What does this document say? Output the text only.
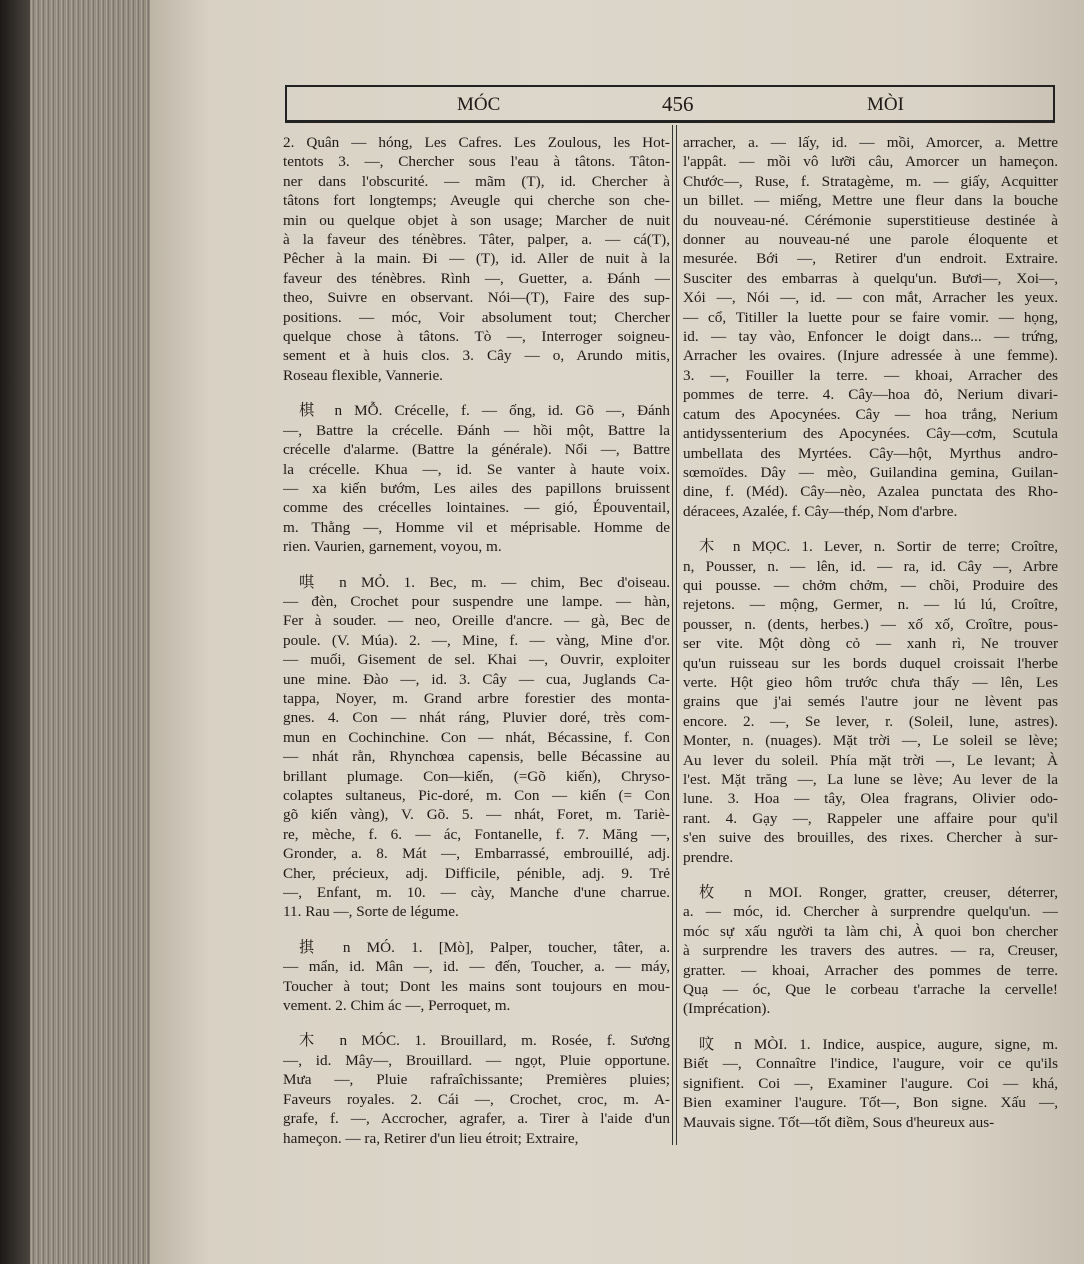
MÓC	456	MÒI
2. Quân — hóng, Les Cafres. Les Zoulous, les Hot-
tentots 3. —, Chercher sous l'eau à tâtons. Tâton-
ner dans l'obscurité. — mãm (T), id. Chercher à
tâtons fort longtemps; Aveugle qui cherche son che-
min ou quelque objet à son usage; Marcher de nuit
à la faveur des ténèbres. Tâter, palper, a. — cá(T),
Pêcher à la main. Đi — (T), id. Aller de nuit à la
faveur des ténèbres. Rình —, Guetter, a. Đánh —
theo, Suivre en observant. Nói—(T), Faire des sup-
positions. — móc, Voir absolument tout; Chercher
quelque chose à tâtons. Tò —, Interroger soigneu-
sement et à huis clos. 3. Cây — o, Arundo mitis,
Roseau flexible, Vannerie.
棋 n MỖ. Crécelle, f. — ống, id. Gõ —, Đánh
—, Battre la crécelle. Đánh — hồi một, Battre la
crécelle d'alarme. (Battre la générale). Nổi —, Battre
la crécelle. Khua —, id. Se vanter à haute voix.
— xa kiến bướm, Les ailes des papillons bruissent
comme des crécelles lointaines. — gió, Épouventail,
m. Thằng —, Homme vil et méprisable. Homme de
rien. Vaurien, garnement, voyou, m.
唭 n MỎ. 1. Bec, m. — chim, Bec d'oiseau.
— đèn, Crochet pour suspendre une lampe. — hàn,
Fer à souder. — neo, Oreille d'ancre. — gà, Bec de
poule. (V. Múa). 2. —, Mine, f. — vàng, Mine d'or.
— muối, Gisement de sel. Khai —, Ouvrir, exploiter
une mine. Đào —, id. 3. Cây — cua, Juglands Ca-
tappa, Noyer, m. Grand arbre forestier des monta-
gnes. 4. Con — nhát ráng, Pluvier doré, très com-
mun en Cochinchine. Con — nhát, Bécassine, f. Con
— nhát rằn, Rhynchœa capensis, belle Bécassine au
brillant plumage. Con—kiến, (=Gõ kiến), Chryso-
colaptes sultaneus, Pic-doré, m. Con — kiến (= Con
gõ kiến vàng), V. Gõ. 5. — nhát, Foret, m. Tariè-
re, mèche, f. 6. — ác, Fontanelle, f. 7. Măng —,
Gronder, a. 8. Mát —, Embarrassé, embrouillé, adj.
Cher, précieux, adj. Difficile, pénible, adj. 9. Trẻ
—, Enfant, m. 10. — cày, Manche d'une charrue.
11. Rau —, Sorte de légume.
掑 n MÓ. 1. [Mò], Palper, toucher, tâter, a.
— mẩn, id. Mân —, id. — đến, Toucher, a. — máy,
Toucher à tout; Dont les mains sont toujours en mou-
vement. 2. Chim ác —, Perroquet, m.
木 n MÓC. 1. Brouillard, m. Rosée, f. Sương
—, id. Mây—, Brouillard. — ngọt, Pluie opportune.
Mưa —, Pluie rafraîchissante; Premières pluies;
Faveurs royales. 2. Cái —, Crochet, croc, m. A-
grafe, f. —, Accrocher, agrafer, a. Tirer à l'aide d'un
hameçon. — ra, Retirer d'un lieu étroit; Extraire,
arracher, a. — lấy, id. — mồi, Amorcer, a. Mettre
l'appât. — mồi vô lưỡi câu, Amorcer un hameçon.
Chước—, Ruse, f. Stratagème, m. — giấy, Acquitter
un billet. — miếng, Mettre une fleur dans la bouche
du nouveau-né. Cérémonie superstitieuse destinée à
donner au nouveau-né une parole éloquente et
mesurée. Bới —, Retirer d'un endroit. Extraire.
Susciter des embarras à quelqu'un. Bươi—, Xoi—,
Xói —, Nói —, id. — con mắt, Arracher les yeux.
— cổ, Titiller la luette pour se faire vomir. — họng,
id. — tay vào, Enfoncer le doigt dans... — trứng,
Arracher les ovaires. (Injure adressée à une femme).
3. —, Fouiller la terre. — khoai, Arracher des
pommes de terre. 4. Cây—hoa đỏ, Nerium divari-
catum des Apocynées. Cây — hoa trắng, Nerium
antidyssenterium des Apocynées. Cây—cơm, Scutula
umbellata des Myrtées. Cây—hột, Myrthus andro-
sœmoïdes. Dây — mèo, Guilandina gemina, Guilan-
dine, f. (Méd). Cây—nèo, Azalea punctata des Rho-
déracees, Azalée, f. Cây—thép, Nom d'arbre.
木 n MỌC. 1. Lever, n. Sortir de terre; Croître,
n, Pousser, n. — lên, id. — ra, id. Cây —, Arbre
qui pousse. — chởm chởm, — chồi, Produire des
rejetons. — mộng, Germer, n. — lú lú, Croître,
pousser, n. (dents, herbes.) — xố xố, Croître, pous-
ser vite. Một dòng cỏ — xanh rì, Ne trouver
qu'un ruisseau sur les bords duquel croissait l'herbe
verte. Hột gieo hôm trước chưa thấy — lên, Les
grains que j'ai semés l'autre jour ne lèvent pas
encore. 2. —, Se lever, r. (Soleil, lune, astres).
Monter, n. (nuages). Mặt trời —, Le soleil se lève;
Au lever du soleil. Phía mặt trời —, Le levant; À
l'est. Mặt trăng —, La lune se lève; Au lever de la
lune. 3. Hoa — tây, Olea fragrans, Olivier odo-
rant. 4. Gạy —, Rappeler une affaire pour qu'il
s'en suive des brouilles, des rixes. Chercher à sur-
prendre.
枚 n MOI. Ronger, gratter, creuser, déterrer,
a. — móc, id. Chercher à surprendre quelqu'un. —
móc sự xấu người ta làm chi, À quoi bon chercher
à surprendre les travers des autres. — ra, Creuser,
gratter. — khoai, Arracher des pommes de terre.
Quạ — óc, Que le corbeau t'arrache la cervelle!
(Imprécation).
呅 n MÒI. 1. Indice, auspice, augure, signe, m.
Biết —, Connaître l'indice, l'augure, voir ce qu'ils
signifient. Coi —, Examiner l'augure. Coi — khá,
Bien examiner l'augure. Tốt—, Bon signe. Xấu —,
Mauvais signe. Tốt—tốt điềm, Sous d'heureux aus-
